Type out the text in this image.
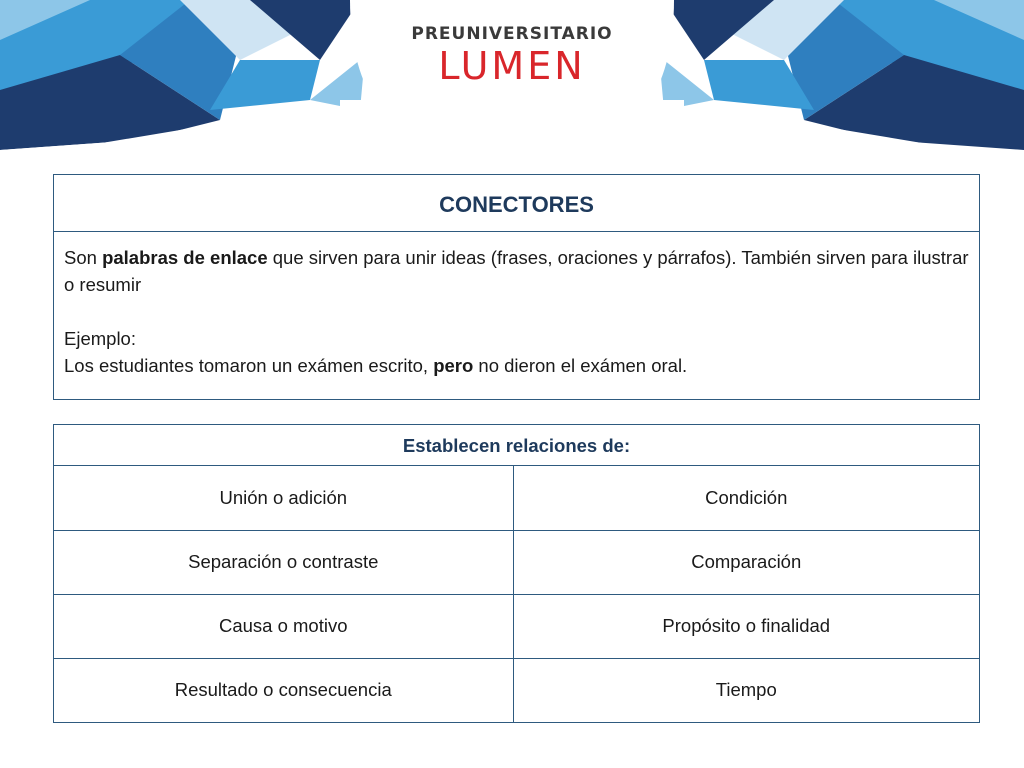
PREUNIVERSITARIO
LUMEN
CONECTORES
Son palabras de enlace que sirven para unir ideas (frases, oraciones y párrafos). También sirven para ilustrar o resumir
Ejemplo:
Los estudiantes tomaron un exámen escrito, pero no dieron el exámen oral.
Establecen relaciones de:
Unión o adición	Condición
Separación o contraste	Comparación
Causa o motivo	Propósito o finalidad
Resultado o consecuencia	Tiempo
